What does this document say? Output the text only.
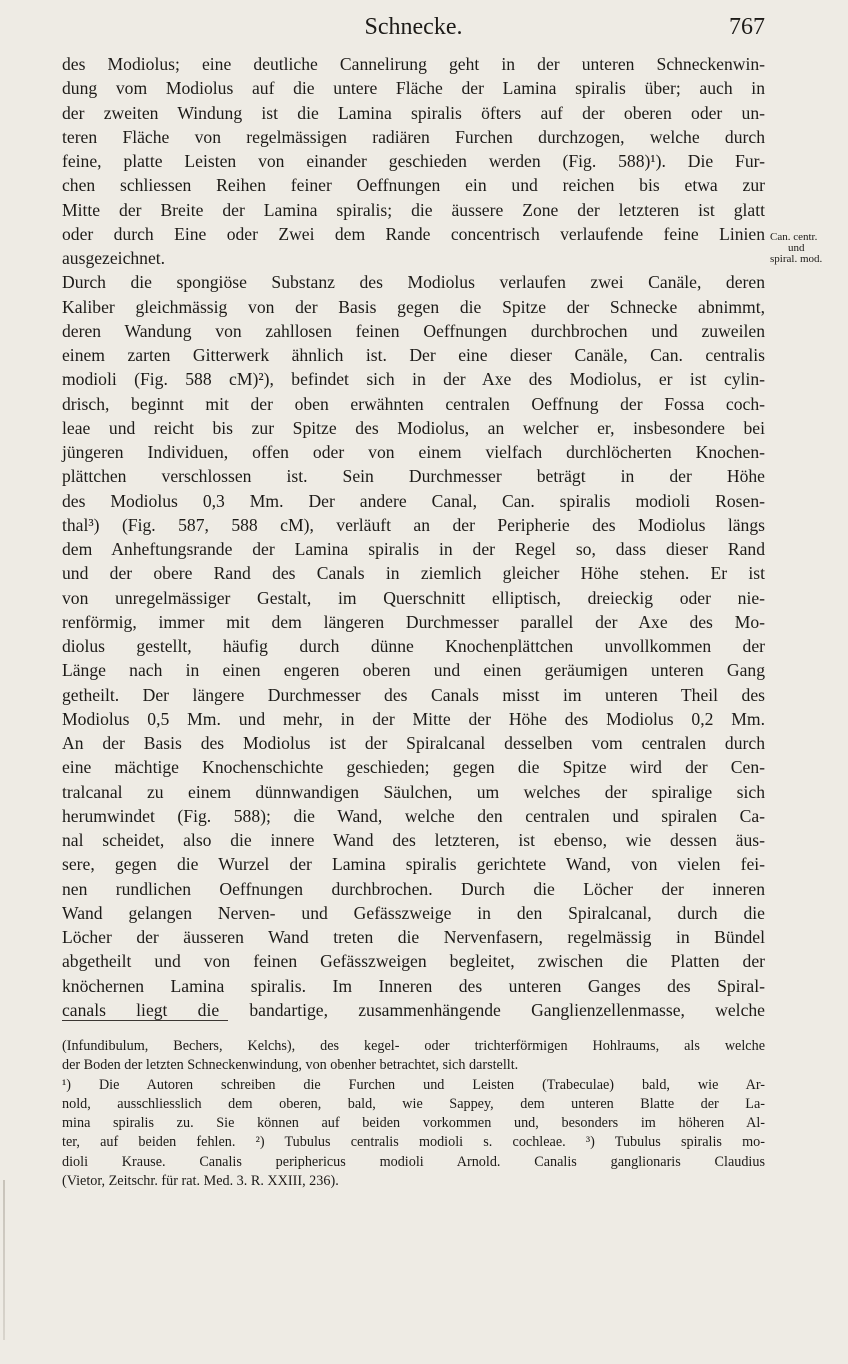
Schnecke.	767
Can. centr.
und
spiral. mod.
des Modiolus; eine deutliche Cannelirung geht in der unteren Schneckenwin-
dung vom Modiolus auf die untere Fläche der Lamina spiralis über; auch in
der zweiten Windung ist die Lamina spiralis öfters auf der oberen oder un-
teren Fläche von regelmässigen radiären Furchen durchzogen, welche durch
feine, platte Leisten von einander geschieden werden (Fig. 588)¹). Die Fur-
chen schliessen Reihen feiner Oeffnungen ein und reichen bis etwa zur
Mitte der Breite der Lamina spiralis; die äussere Zone der letzteren ist glatt
oder durch Eine oder Zwei dem Rande concentrisch verlaufende feine Linien
ausgezeichnet.
Durch die spongiöse Substanz des Modiolus verlaufen zwei Canäle, deren
Kaliber gleichmässig von der Basis gegen die Spitze der Schnecke abnimmt,
deren Wandung von zahllosen feinen Oeffnungen durchbrochen und zuweilen
einem zarten Gitterwerk ähnlich ist. Der eine dieser Canäle, Can. centralis
modioli (Fig. 588 cM)²), befindet sich in der Axe des Modiolus, er ist cylin-
drisch, beginnt mit der oben erwähnten centralen Oeffnung der Fossa coch-
leae und reicht bis zur Spitze des Modiolus, an welcher er, insbesondere bei
jüngeren Individuen, offen oder von einem vielfach durchlöcherten Knochen-
plättchen verschlossen ist. Sein Durchmesser beträgt in der Höhe
des Modiolus 0,3 Mm. Der andere Canal, Can. spiralis modioli Rosen-
thal³) (Fig. 587, 588 cM), verläuft an der Peripherie des Modiolus längs
dem Anheftungsrande der Lamina spiralis in der Regel so, dass dieser Rand
und der obere Rand des Canals in ziemlich gleicher Höhe stehen. Er ist
von unregelmässiger Gestalt, im Querschnitt elliptisch, dreieckig oder nie-
renförmig, immer mit dem längeren Durchmesser parallel der Axe des Mo-
diolus gestellt, häufig durch dünne Knochenplättchen unvollkommen der
Länge nach in einen engeren oberen und einen geräumigen unteren Gang
getheilt. Der längere Durchmesser des Canals misst im unteren Theil des
Modiolus 0,5 Mm. und mehr, in der Mitte der Höhe des Modiolus 0,2 Mm.
An der Basis des Modiolus ist der Spiralcanal desselben vom centralen durch
eine mächtige Knochenschichte geschieden; gegen die Spitze wird der Cen-
tralcanal zu einem dünnwandigen Säulchen, um welches der spiralige sich
herumwindet (Fig. 588); die Wand, welche den centralen und spiralen Ca-
nal scheidet, also die innere Wand des letzteren, ist ebenso, wie dessen äus-
sere, gegen die Wurzel der Lamina spiralis gerichtete Wand, von vielen fei-
nen rundlichen Oeffnungen durchbrochen. Durch die Löcher der inneren
Wand gelangen Nerven- und Gefässzweige in den Spiralcanal, durch die
Löcher der äusseren Wand treten die Nervenfasern, regelmässig in Bündel
abgetheilt und von feinen Gefässzweigen begleitet, zwischen die Platten der
knöchernen Lamina spiralis. Im Inneren des unteren Ganges des Spiral-
canals liegt die bandartige, zusammenhängende Ganglienzellenmasse, welche
(Infundibulum, Bechers, Kelchs), des kegel- oder trichterförmigen Hohlraums, als welche
der Boden der letzten Schneckenwindung, von obenher betrachtet, sich darstellt.
¹) Die Autoren schreiben die Furchen und Leisten (Trabeculae) bald, wie Ar-
nold, ausschliesslich dem oberen, bald, wie Sappey, dem unteren Blatte der La-
mina spiralis zu. Sie können auf beiden vorkommen und, besonders im höheren Al-
ter, auf beiden fehlen. ²) Tubulus centralis modioli s. cochleae. ³) Tubulus spiralis mo-
dioli Krause. Canalis periphericus modioli Arnold. Canalis ganglionaris Claudius
(Vietor, Zeitschr. für rat. Med. 3. R. XXIII, 236).
